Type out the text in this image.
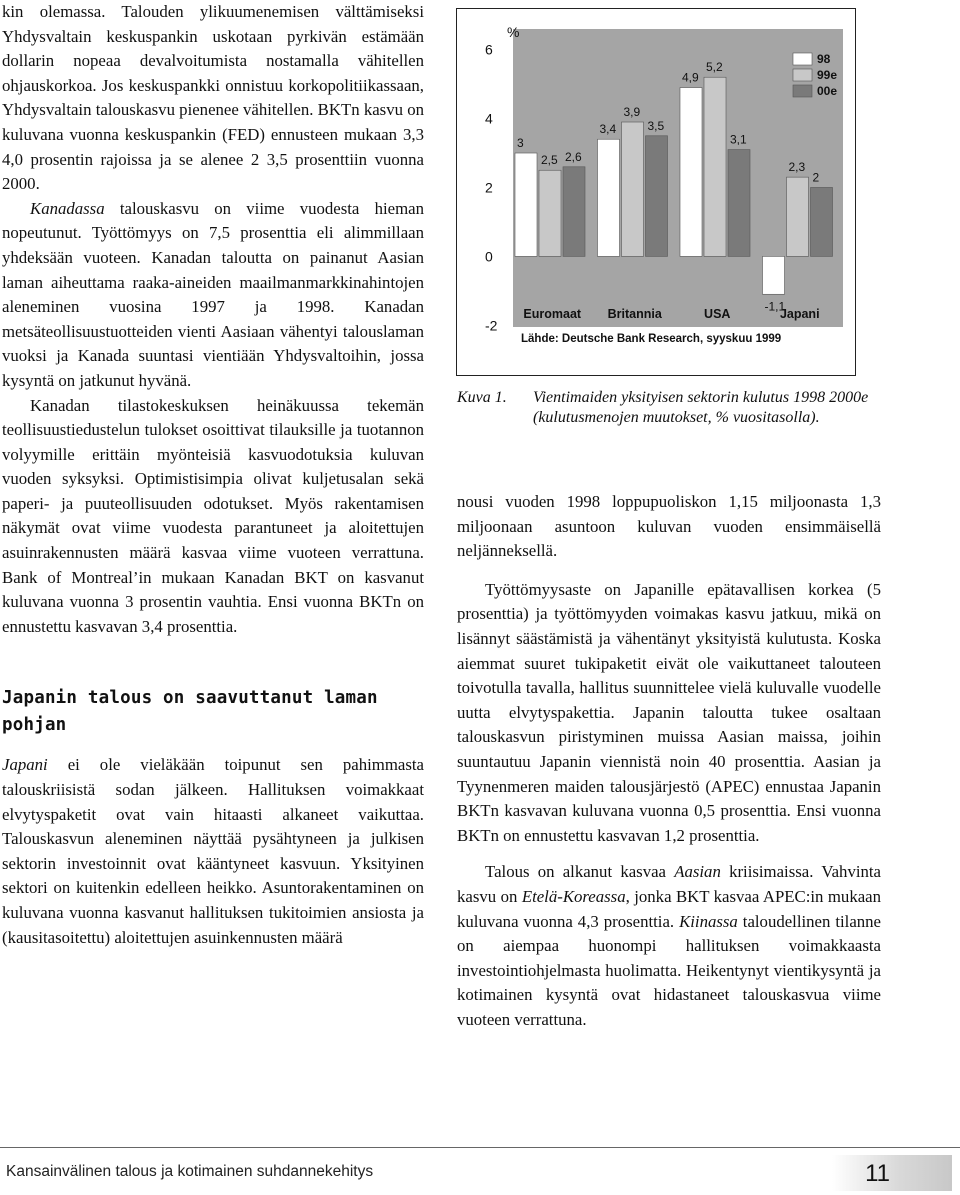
kin olemassa. Talouden ylikuumenemisen välttämiseksi Yhdysvaltain keskuspankin uskotaan pyrkivän estämään dollarin nopeaa devalvoitumista nostamalla vähitellen ohjauskorkoa. Jos keskuspankki onnistuu korkopolitiikassaan, Yhdysvaltain talouskasvu pienenee vähitellen. BKTn kasvu on kuluvana vuonna keskuspankin (FED) ennusteen mukaan 3,3 4,0 prosentin rajoissa ja se alenee 2 3,5 prosenttiin vuonna 2000.

Kanadassa talouskasvu on viime vuodesta hieman nopeutunut. Työttömyys on 7,5 prosenttia eli alimmillaan yhdeksään vuoteen. Kanadan taloutta on painanut Aasian laman aiheuttama raaka-aineiden maailmanmarkkinahintojen aleneminen vuosina 1997 ja 1998. Kanadan metsäteollisuustuotteiden vienti Aasiaan vähentyi talouslaman vuoksi ja Kanada suuntasi vientiään Yhdysvaltoihin, jossa kysyntä on jatkunut hyvänä.

Kanadan tilastokeskuksen heinäkuussa tekemän teollisuustiedustelun tulokset osoittivat tilauksille ja tuotannon volyymille erittäin myönteisiä kasvuodotuksia kuluvan vuoden syksyksi. Optimistisimpia olivat kuljetusalan sekä paperi- ja puuteollisuuden odotukset. Myös rakentamisen näkymät ovat viime vuodesta parantuneet ja aloitettujen asuinrakennusten määrä kasvaa viime vuoteen verrattuna. Bank of Montreal’in mukaan Kanadan BKT on kasvanut kuluvana vuonna 3 prosentin vauhtia. Ensi vuonna BKTn on ennustettu kasvavan 3,4 prosenttia.

Japanin talous on saavuttanut laman pohjan

Japani ei ole vieläkään toipunut sen pahimmasta talouskriisistä sodan jälkeen. Hallituksen voimakkaat elvytyspaketit ovat vain hitaasti alkaneet vaikuttaa. Talouskasvun aleneminen näyttää pysähtyneen ja julkisen sektorin investoinnit ovat kääntyneet kasvuun. Yksityinen sektori on kuitenkin edelleen heikko. Asuntorakentaminen on kuluvana vuonna kasvanut hallituksen tukitoimien ansiosta ja (kausitasoitettu) aloitettujen asuinkennusten määrä

6
4
2
0
-2
3
2,5 2,6
3,4
3,9
3,5
4,9
5,2
3,1
-1,1
2,3
2
Euromaat Britannia	USA	Japani
98
99e
00e
%
Lähde: Deutsche Bank Research, syyskuu 1999
Kuva 1. Vientimaiden yksityisen sektorin kulutus 1998 2000e (kulutusmenojen muutokset, % vuositasolla).

nousi vuoden 1998 loppupuoliskon 1,15 miljoonasta 1,3 miljoonaan asuntoon kuluvan vuoden ensimmäisellä neljänneksellä.

Työttömyysaste on Japanille epätavallisen korkea (5 prosenttia) ja työttömyyden voimakas kasvu jatkuu, mikä on lisännyt säästämistä ja vähentänyt yksityistä kulutusta. Koska aiemmat suuret tukipaketit eivät ole vaikuttaneet talouteen toivotulla tavalla, hallitus suunnittelee vielä kuluvalle vuodelle uutta elvytyspakettia. Japanin taloutta tukee osaltaan talouskasvun piristyminen muissa Aasian maissa, joihin suuntautuu Japanin viennistä noin 40 prosenttia. Aasian ja Tyynenmeren maiden talousjärjestö (APEC) ennustaa Japanin BKTn kasvavan kuluvana vuonna 0,5 prosenttia. Ensi vuonna BKTn on ennustettu kasvavan 1,2 prosenttia.

Talous on alkanut kasvaa Aasian kriisimaissa. Vahvinta kasvu on Etelä-Koreassa, jonka BKT kasvaa APEC:in mukaan kuluvana vuonna 4,3 prosenttia. Kiinassa taloudellinen tilanne on aiempaa huonompi hallituksen voimakkaasta investointiohjelmasta huolimatta. Heikentynyt vientikysyntä ja kotimainen kysyntä ovat hidastaneet talouskasvua viime vuoteen verrattuna.

Kansainvälinen talous ja kotimainen suhdannekehitys	11
